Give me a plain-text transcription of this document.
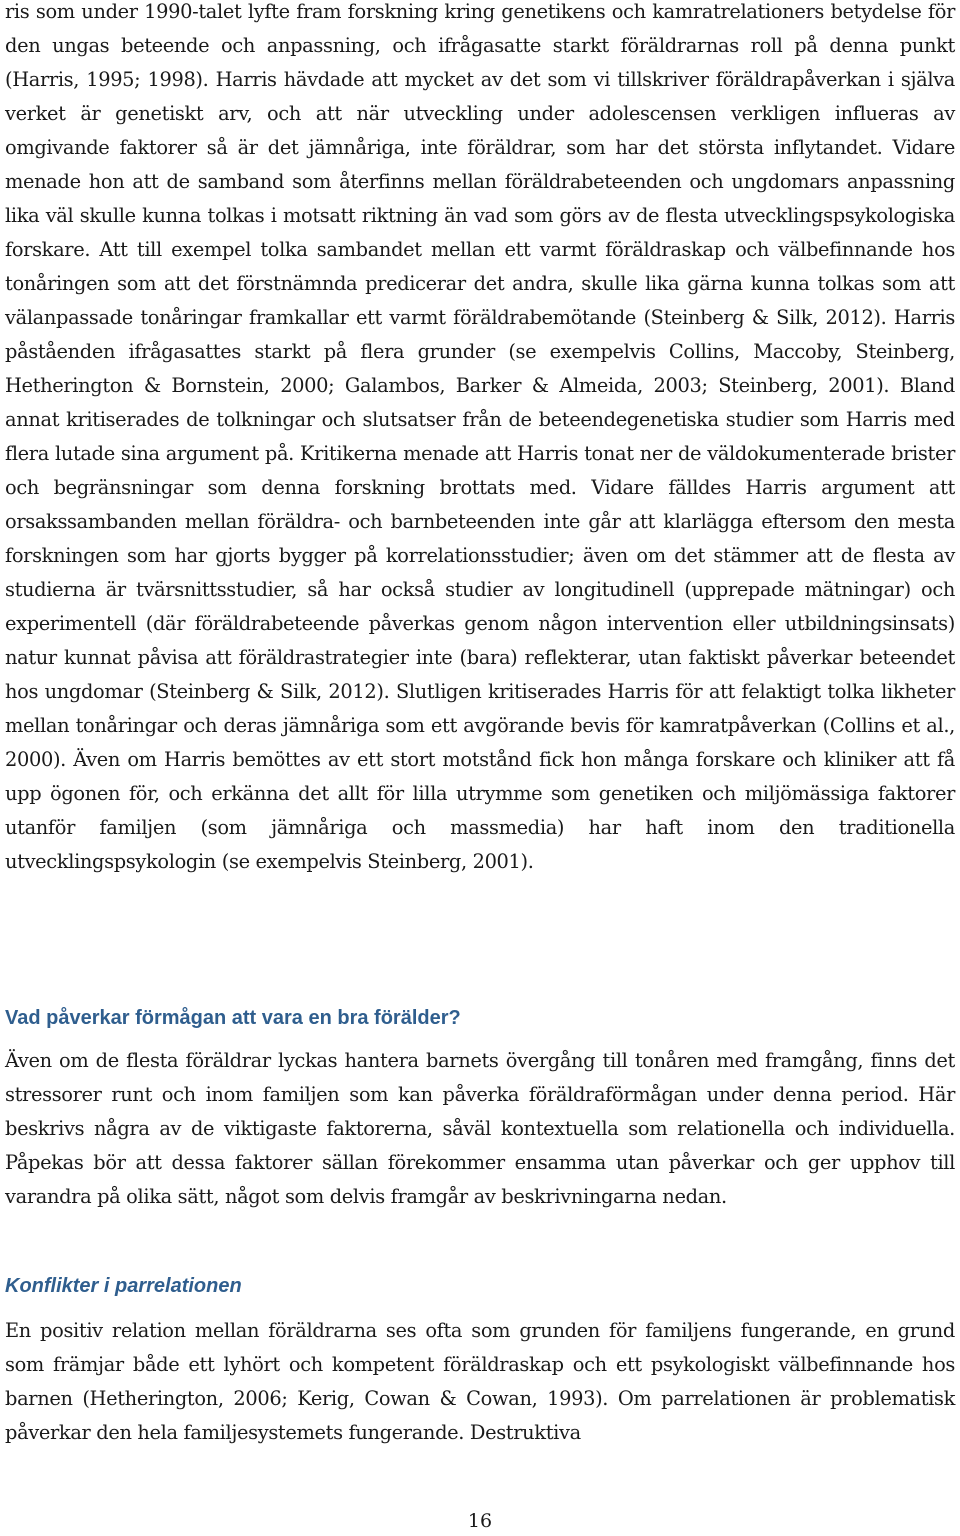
ris som under 1990-talet lyfte fram forskning kring genetikens och kamratrelationers betydelse för den ungas beteende och anpassning, och ifrågasatte starkt föräldrarnas roll på denna punkt (Harris, 1995; 1998). Harris hävdade att mycket av det som vi tillskriver föräldrapåverkan i själva verket är genetiskt arv, och att när utveckling under adolescensen verkligen influeras av omgivande faktorer så är det jämnåriga, inte föräldrar, som har det största inflytandet. Vidare menade hon att de samband som återfinns mellan föräldrabeteenden och ungdomars anpassning lika väl skulle kunna tolkas i motsatt riktning än vad som görs av de flesta utvecklingspsykologiska forskare. Att till exempel tolka sambandet mellan ett varmt föräldraskap och välbefinnande hos tonåringen som att det förstnämnda predicerar det andra, skulle lika gärna kunna tolkas som att välanpassade tonåringar framkallar ett varmt föräldrabemötande (Steinberg & Silk, 2012). Harris påståenden ifrågasattes starkt på flera grunder (se exempelvis Collins, Maccoby, Steinberg, Hetherington & Bornstein, 2000; Galambos, Barker & Almeida, 2003; Steinberg, 2001). Bland annat kritiserades de tolkningar och slutsatser från de beteendegenetiska studier som Harris med flera lutade sina argument på. Kritikerna menade att Harris tonat ner de väldokumenterade brister och begränsningar som denna forskning brottats med. Vidare fälldes Harris argument att orsakssambanden mellan föräldra- och barnbeteenden inte går att klarlägga eftersom den mesta forskningen som har gjorts bygger på korrelationsstudier; även om det stämmer att de flesta av studierna är tvärsnittsstudier, så har också studier av longitudinell (upprepade mätningar) och experimentell (där föräldrabeteende påverkas genom någon intervention eller utbildningsinsats) natur kunnat påvisa att föräldrastrategier inte (bara) reflekterar, utan faktiskt påverkar beteendet hos ungdomar (Steinberg & Silk, 2012). Slutligen kritiserades Harris för att felaktigt tolka likheter mellan tonåringar och deras jämnåriga som ett avgörande bevis för kamratpåverkan (Collins et al., 2000). Även om Harris bemöttes av ett stort motstånd fick hon många forskare och kliniker att få upp ögonen för, och erkänna det allt för lilla utrymme som genetiken och miljömässiga faktorer utanför familjen (som jämnåriga och massmedia) har haft inom den traditionella utvecklingspsykologin (se exempelvis Steinberg, 2001).

Vad påverkar förmågan att vara en bra förälder?

Även om de flesta föräldrar lyckas hantera barnets övergång till tonåren med framgång, finns det stressorer runt och inom familjen som kan påverka föräldraförmågan under denna period. Här beskrivs några av de viktigaste faktorerna, såväl kontextuella som relationella och individuella. Påpekas bör att dessa faktorer sällan förekommer ensamma utan påverkar och ger upphov till varandra på olika sätt, något som delvis framgår av beskrivningarna nedan.

Konflikter i parrelationen

En positiv relation mellan föräldrarna ses ofta som grunden för familjens fungerande, en grund som främjar både ett lyhört och kompetent föräldraskap och ett psykologiskt välbefinnande hos barnen (Hetherington, 2006; Kerig, Cowan & Cowan, 1993). Om parrelationen är problematisk påverkar den hela familjesystemets fungerande. Destruktiva

16
